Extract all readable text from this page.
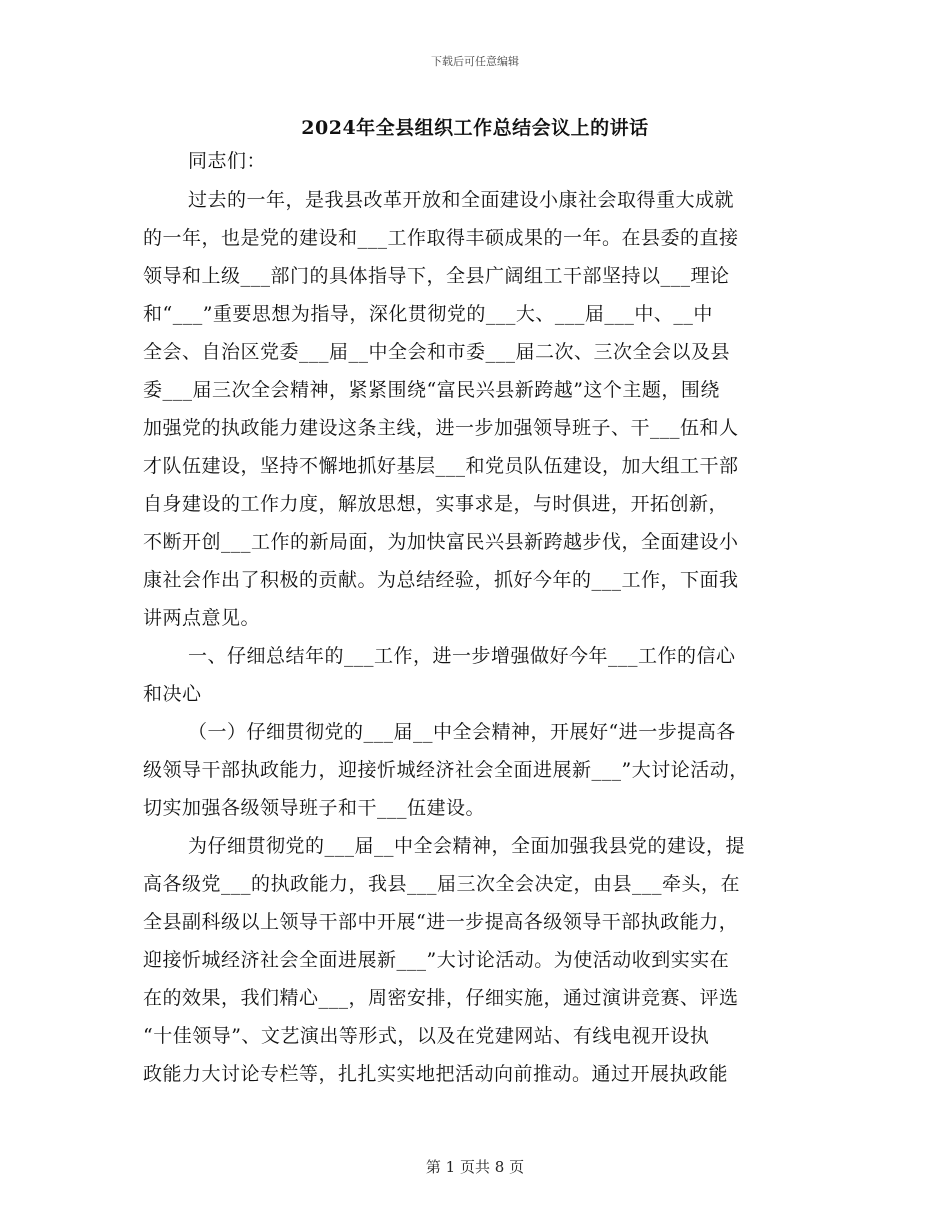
下载后可任意编辑
2024年全县组织工作总结会议上的讲话
同志们：
过去的一年，是我县改革开放和全面建设小康社会取得重大成就
的一年，也是党的建设和___工作取得丰硕成果的一年。在县委的直接
领导和上级___部门的具体指导下，全县广阔组工干部坚持以___理论
和“___”重要思想为指导，深化贯彻党的___大、___届___中、__中
全会、自治区党委___届__中全会和市委___届二次、三次全会以及县
委___届三次全会精神，紧紧围绕“富民兴县新跨越”这个主题，围绕
加强党的执政能力建设这条主线，进一步加强领导班子、干___伍和人
才队伍建设，坚持不懈地抓好基层___和党员队伍建设，加大组工干部
自身建设的工作力度，解放思想，实事求是，与时俱进，开拓创新，
不断开创___工作的新局面，为加快富民兴县新跨越步伐，全面建设小
康社会作出了积极的贡献。为总结经验，抓好今年的___工作，下面我
讲两点意见。
一、仔细总结年的___工作，进一步增强做好今年___工作的信心
和决心
（一）仔细贯彻党的___届__中全会精神，开展好“进一步提高各
级领导干部执政能力，迎接忻城经济社会全面进展新___”大讨论活动，
切实加强各级领导班子和干___伍建设。
为仔细贯彻党的___届__中全会精神，全面加强我县党的建设，提
高各级党___的执政能力，我县___届三次全会决定，由县___牵头，在
全县副科级以上领导干部中开展“进一步提高各级领导干部执政能力，
迎接忻城经济社会全面进展新___”大讨论活动。为使活动收到实实在
在的效果，我们精心___，周密安排，仔细实施，通过演讲竞赛、评选
“十佳领导”、文艺演出等形式，以及在党建网站、有线电视开设执
政能力大讨论专栏等，扎扎实实地把活动向前推动。通过开展执政能
第 1 页共 8 页
